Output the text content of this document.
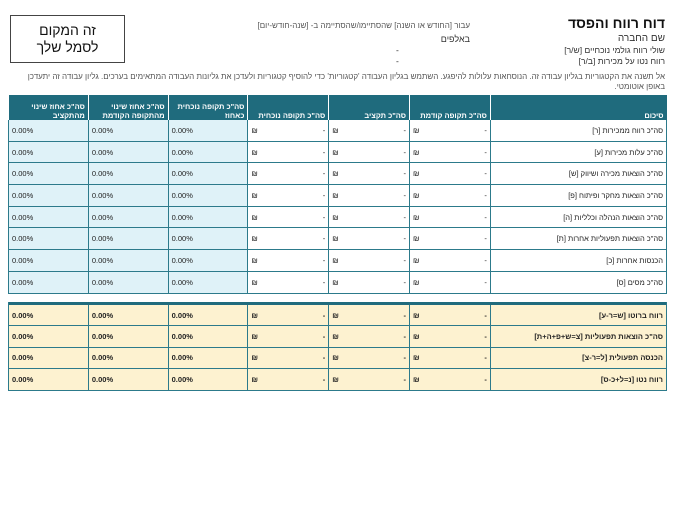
זה המקום
לסמל שלך
דוח רווח והפסד
שם החברה
שולי רווח גולמי נוכחיים [ש/ר]
רווח נטו על מכירות [ב/ר]
-
-
עבור [החודש או השנה] שהסתיימו/שהסתיימה ב- [שנה-חודש-יום]
באלפים
אל תשנה את הקטגוריות בגליון עבודה זה. הנוסחאות עלולות להיפגע. השתמש בגליון העבודה 'קטגוריות' כדי להוסיף קטגוריות ולעדכן את גליונות העבודה המתאימים בערכים. גליון עבודה זה יתעדכן באופן אוטומטי.
סיכום	סה"כ תקופה קודמת	סה"כ תקציב	סה"כ תקופה נוכחית	סה"כ תקופה נוכחית כאחוז	סה"כ אחוז שינוי מהתקופה הקודמת	סה"כ אחוז שינוי מהתקציב
סה"כ רווח ממכירות [ר]	₪ -	₪ -	₪ -	0.00%	0.00%	0.00%
סה"כ עלות מכירות [ע]	₪ -	₪ -	₪ -	0.00%	0.00%	0.00%
סה"כ הוצאות מכירה ושיווק [ש]	₪ -	₪ -	₪ -	0.00%	0.00%	0.00%
סה"כ הוצאות מחקר ופיתוח [פ]	₪ -	₪ -	₪ -	0.00%	0.00%	0.00%
סה"כ הוצאות הנהלה וכלליות [ה]	₪ -	₪ -	₪ -	0.00%	0.00%	0.00%
סה"כ הוצאות תפעוליות אחרות [ת]	₪ -	₪ -	₪ -	0.00%	0.00%	0.00%
הכנסות אחרות [כ]	₪ -	₪ -	₪ -	0.00%	0.00%	0.00%
סה"כ מסים [ס]	₪ -	₪ -	₪ -	0.00%	0.00%	0.00%

רווח ברוטו [ש=ר-ע]	₪ -	₪ -	₪ -	0.00%	0.00%	0.00%
סה"כ הוצאות תפעוליות [צ=ש+פ+ה+ת]	₪ -	₪ -	₪ -	0.00%	0.00%	0.00%
הכנסה תפעולית [ל=ר-צ]	₪ -	₪ -	₪ -	0.00%	0.00%	0.00%
רווח נטו [נ=ל+כ-ס]	₪ -	₪ -	₪ -	0.00%	0.00%	0.00%
